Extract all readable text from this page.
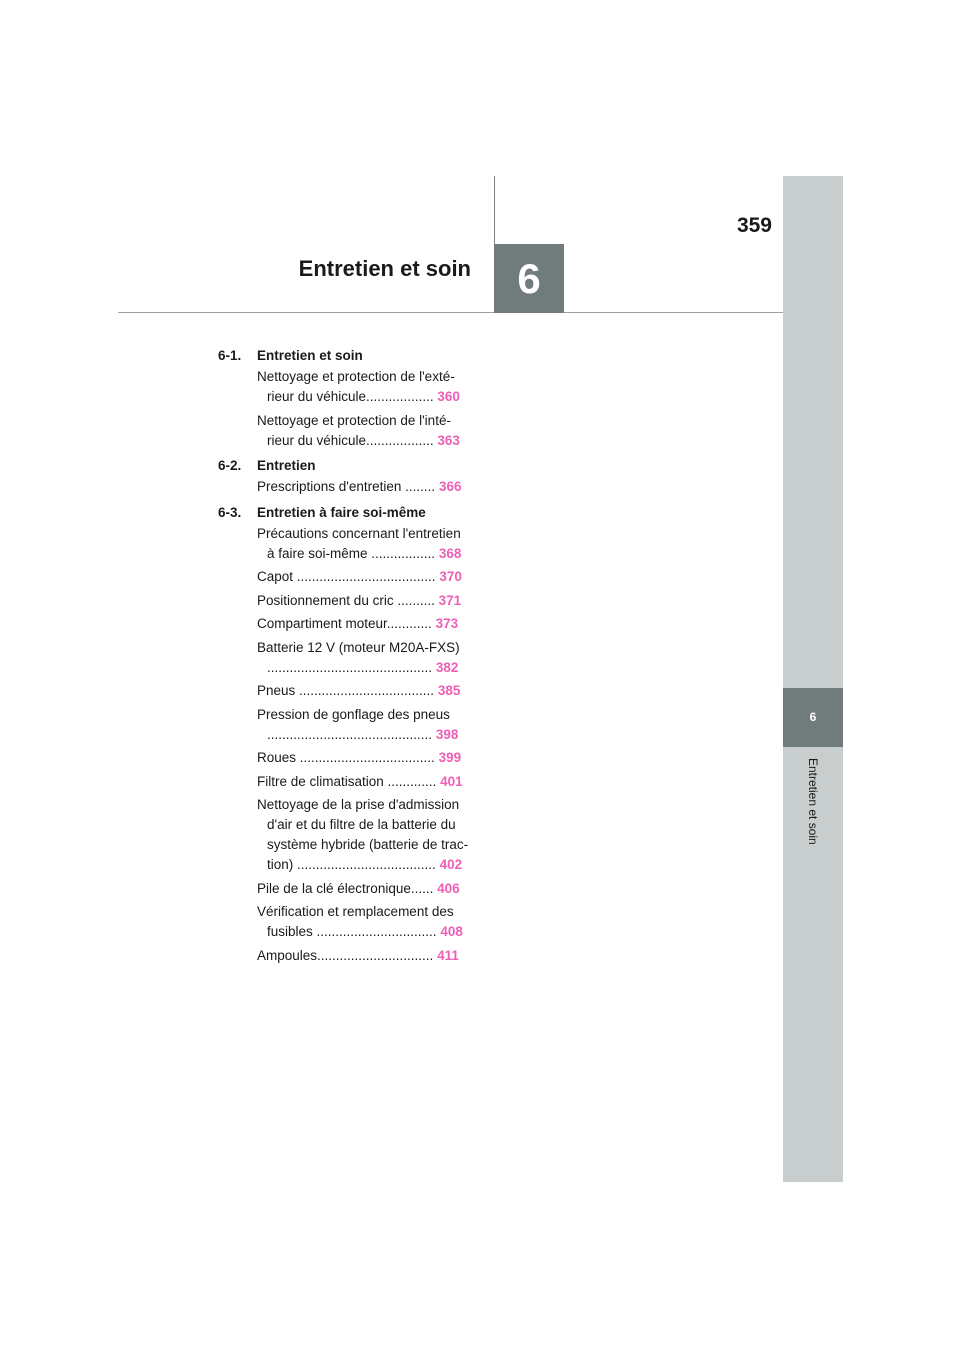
359
Entretien et soin	6
6
Entretien et soin
6-1. Entretien et soin
Nettoyage et protection de l'exté-
rieur du véhicule.................. 360
Nettoyage et protection de l'inté-
rieur du véhicule.................. 363
6-2. Entretien
Prescriptions d'entretien ........ 366
6-3. Entretien à faire soi-même
Précautions concernant l'entretien
à faire soi-même ................. 368
Capot ..................................... 370
Positionnement du cric .......... 371
Compartiment moteur............ 373
Batterie 12 V (moteur M20A-FXS)
............................................ 382
Pneus .................................... 385
Pression de gonflage des pneus
............................................ 398
Roues .................................... 399
Filtre de climatisation ............. 401
Nettoyage de la prise d'admission
d'air et du filtre de la batterie du
système hybride (batterie de trac-
tion) ..................................... 402
Pile de la clé électronique...... 406
Vérification et remplacement des
fusibles ................................ 408
Ampoules............................... 411
